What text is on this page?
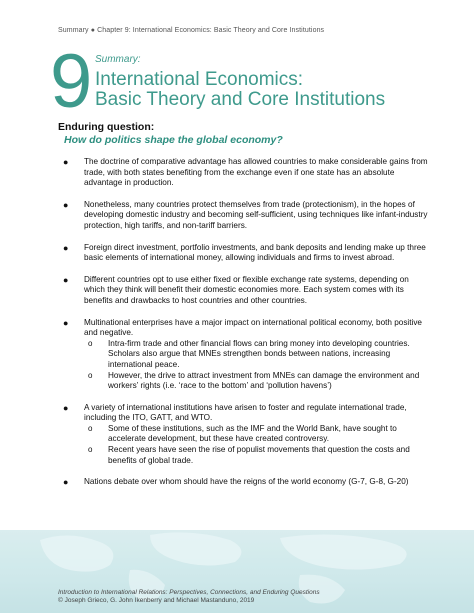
Summary ● Chapter 9: International Economics: Basic Theory and Core Institutions
9 Summary:
International Economics:
Basic Theory and Core Institutions
Enduring question:
How do politics shape the global economy?
● The doctrine of comparative advantage has allowed countries to make considerable gains from trade, with both states benefiting from the exchange even if one state has an absolute advantage in production.
● Nonetheless, many countries protect themselves from trade (protectionism), in the hopes of developing domestic industry and becoming self-sufficient, using techniques like infant-industry protection, high tariffs, and non-tariff barriers.
● Foreign direct investment, portfolio investments, and bank deposits and lending make up three basic elements of international money, allowing individuals and firms to invest abroad.
● Different countries opt to use either fixed or flexible exchange rate systems, depending on which they think will benefit their domestic economies more. Each system comes with its benefits and drawbacks to host countries and other countries.
● Multinational enterprises have a major impact on international political economy, both positive and negative.
o Intra-firm trade and other financial flows can bring money into developing countries. Scholars also argue that MNEs strengthen bonds between nations, increasing international peace.
o However, the drive to attract investment from MNEs can damage the environment and workers’ rights (i.e. ‘race to the bottom’ and ‘pollution havens’)
● A variety of international institutions have arisen to foster and regulate international trade, including the ITO, GATT, and WTO.
o Some of these institutions, such as the IMF and the World Bank, have sought to accelerate development, but these have created controversy.
o Recent years have seen the rise of populist movements that question the costs and benefits of global trade.
● Nations debate over whom should have the reigns of the world economy (G-7, G-8, G-20)
Introduction to International Relations: Perspectives, Connections, and Enduring Questions
© Joseph Grieco, G. John Ikenberry and Michael Mastanduno, 2019
